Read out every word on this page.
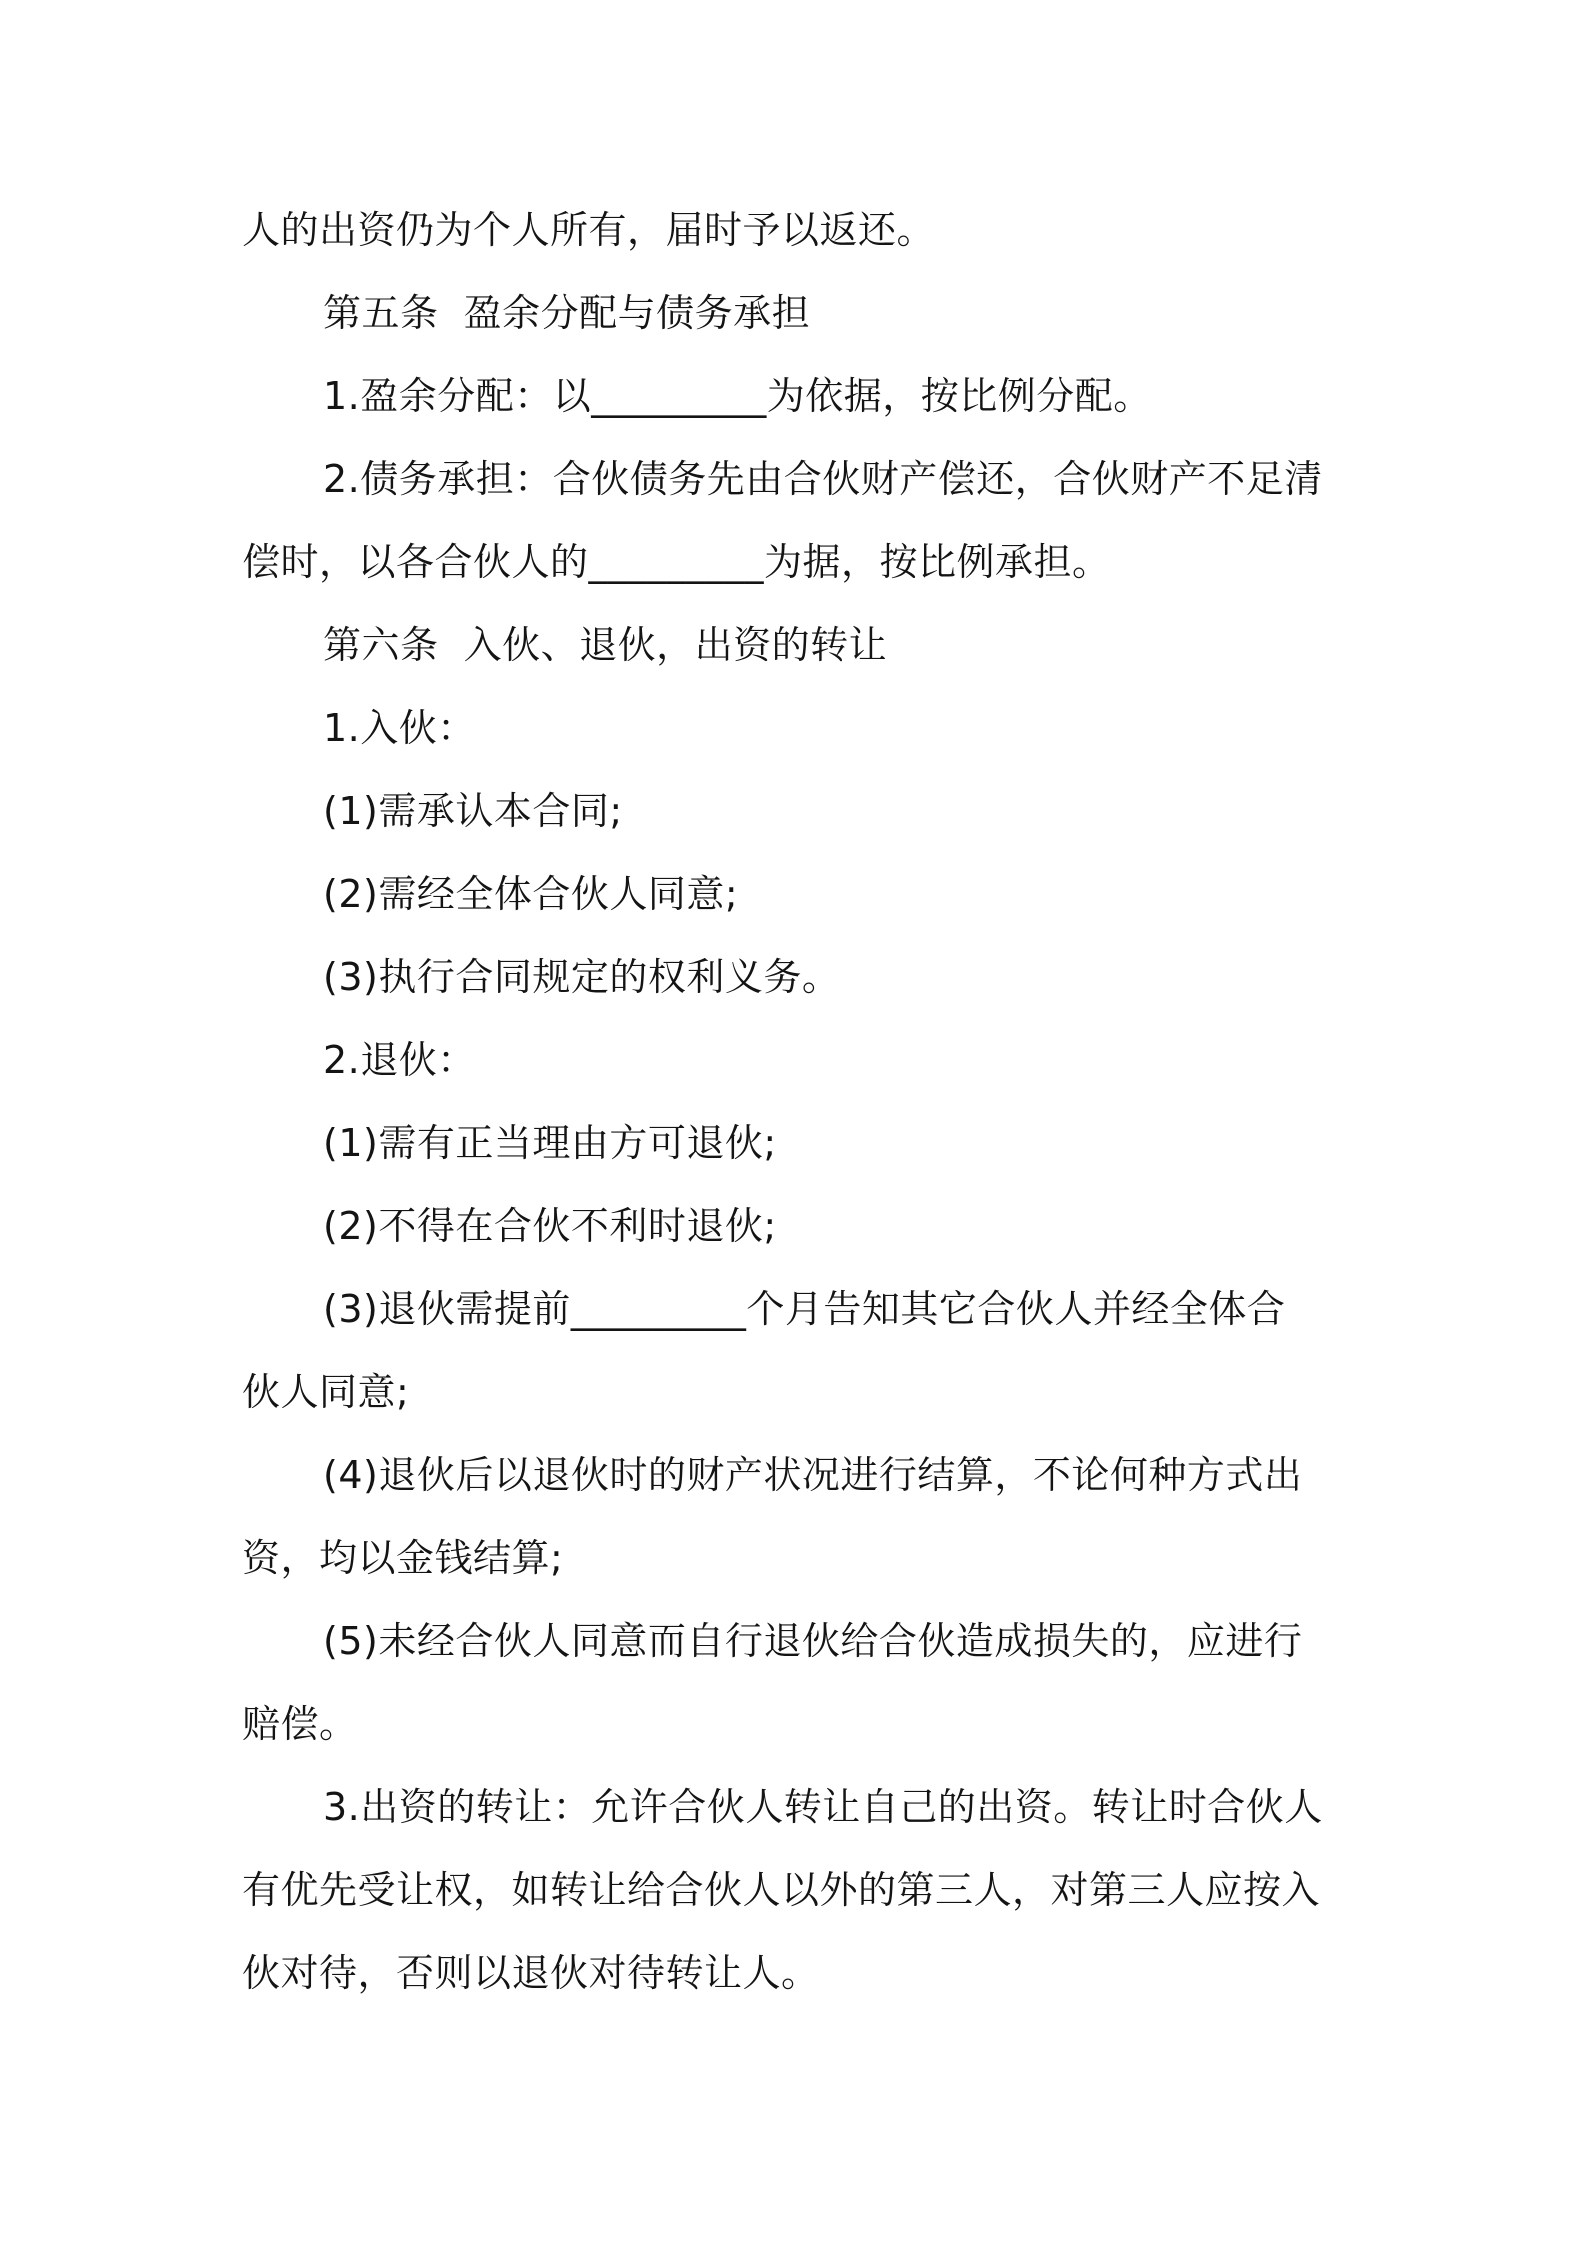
人的出资仍为个人所有，届时予以返还。
第五条  盈余分配与债务承担
1.盈余分配：以_________为依据，按比例分配。
2.债务承担：合伙债务先由合伙财产偿还，合伙财产不足清
偿时，以各合伙人的_________为据，按比例承担。
第六条  入伙、退伙，出资的转让
1.入伙：
(1)需承认本合同;
(2)需经全体合伙人同意;
(3)执行合同规定的权利义务。
2.退伙：
(1)需有正当理由方可退伙;
(2)不得在合伙不利时退伙;
(3)退伙需提前_________个月告知其它合伙人并经全体合
伙人同意;
(4)退伙后以退伙时的财产状况进行结算，不论何种方式出
资，均以金钱结算;
(5)未经合伙人同意而自行退伙给合伙造成损失的，应进行
赔偿。
3.出资的转让：允许合伙人转让自己的出资。转让时合伙人
有优先受让权，如转让给合伙人以外的第三人，对第三人应按入
伙对待，否则以退伙对待转让人。
